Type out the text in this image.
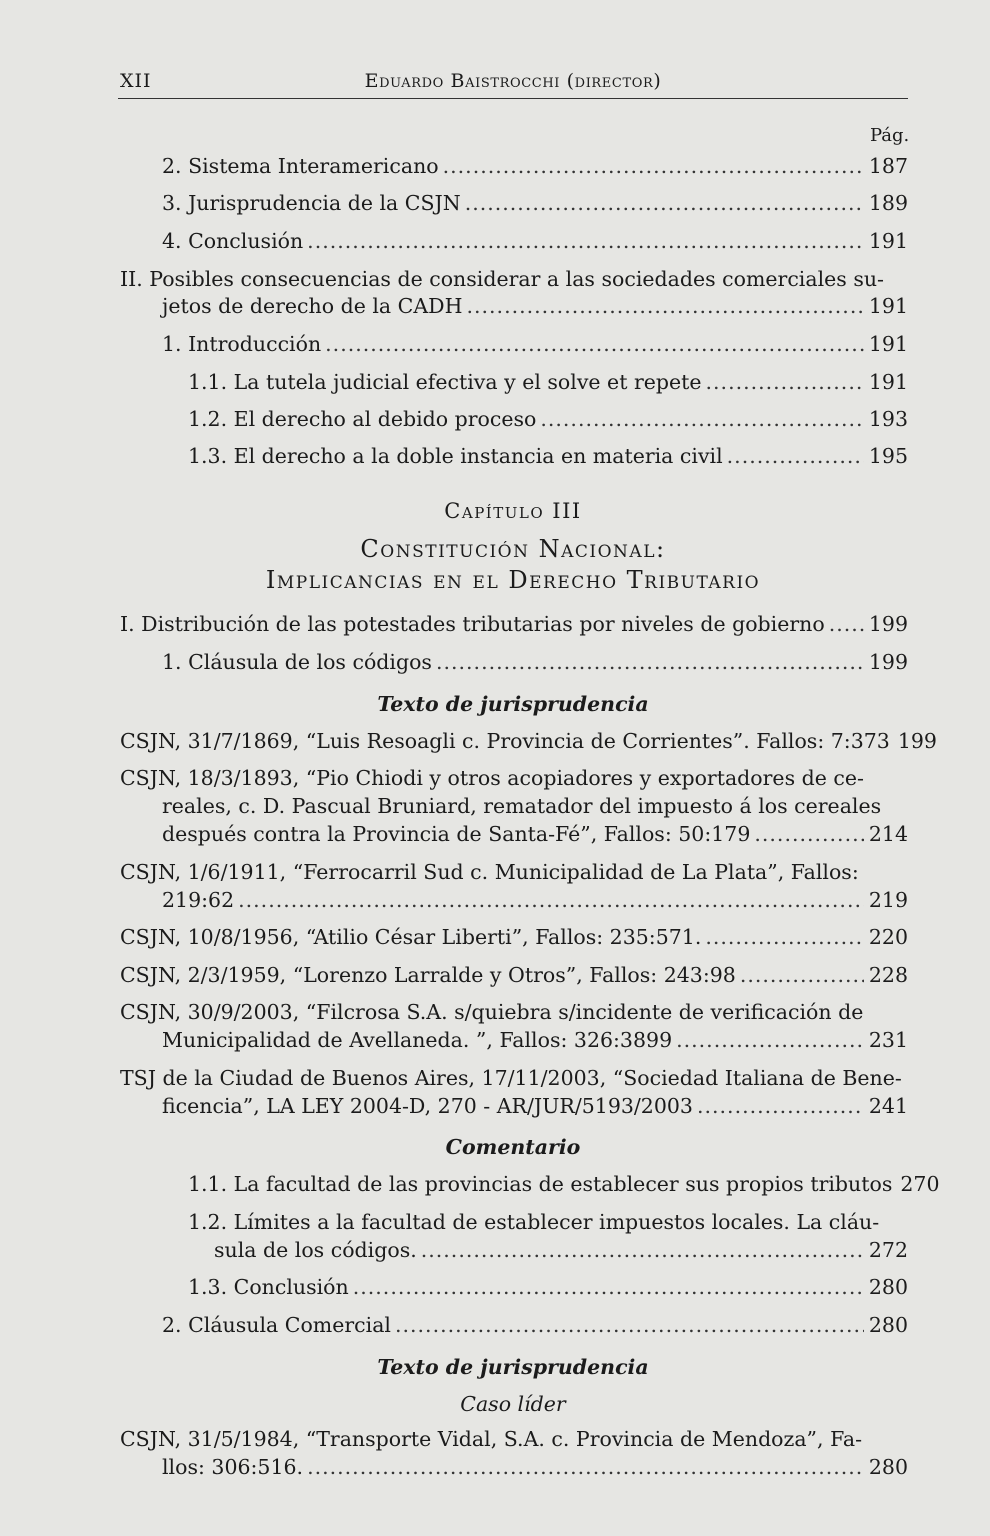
XII	Eduardo Baistrocchi (director)
Pág.
2. Sistema Interamericano .....	187
3. Jurisprudencia de la CSJN .....	189
4. Conclusión .....	191
II. Posibles consecuencias de considerar a las sociedades comerciales su-
jetos de derecho de la CADH .....	191
1. Introducción .....	191
1.1. La tutela judicial efectiva y el solve et repete .....	191
1.2. El derecho al debido proceso .....	193
1.3. El derecho a la doble instancia en materia civil .....	195
Capítulo III
Constitución Nacional:
Implicancias en el Derecho Tributario
I. Distribución de las potestades tributarias por niveles de gobierno ..... 199
1. Cláusula de los códigos .....	199
Texto de jurisprudencia
CSJN, 31/7/1869, “Luis Resoagli c. Provincia de Corrientes”. Fallos: 7:373 199
CSJN, 18/3/1893, “Pio Chiodi y otros acopiadores y exportadores de ce-
reales, c. D. Pascual Bruniard, rematador del impuesto á los cereales
después contra la Provincia de Santa-Fé”, Fallos: 50:179 .....	214
CSJN, 1/6/1911, “Ferrocarril Sud c. Municipalidad de La Plata”, Fallos:
219:62 .....	219
CSJN, 10/8/1956, “Atilio César Liberti”, Fallos: 235:571. .....	220
CSJN, 2/3/1959, “Lorenzo Larralde y Otros”, Fallos: 243:98 .....	228
CSJN, 30/9/2003, “Filcrosa S.A. s/quiebra s/incidente de verificación de
Municipalidad de Avellaneda. ”, Fallos: 326:3899 .....	231
TSJ de la Ciudad de Buenos Aires, 17/11/2003, “Sociedad Italiana de Bene-
ficencia”, LA LEY 2004-D, 270 - AR/JUR/5193/2003 .....	241
Comentario
1.1. La facultad de las provincias de establecer sus propios tributos 270
1.2. Límites a la facultad de establecer impuestos locales. La cláu-
sula de los códigos. .....	272
1.3. Conclusión .....	280
2. Cláusula Comercial .....	280
Texto de jurisprudencia
Caso líder
CSJN, 31/5/1984, “Transporte Vidal, S.A. c. Provincia de Mendoza”, Fa-
llos: 306:516. .....	280
